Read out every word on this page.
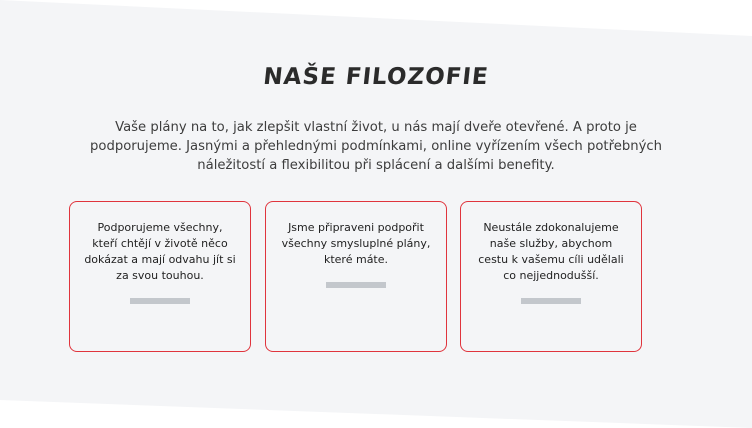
NAŠE FILOZOFIE

Vaše plány na to, jak zlepšit vlastní život, u nás mají dveře otevřené. A proto je podporujeme. Jasnými a přehlednými podmínkami, online vyřízením všech potřebných náležitostí a flexibilitou při splácení a dalšími benefity.

Podporujeme všechny, kteří chtějí v životě něco dokázat a mají odvahu jít si za svou touhou.

Jsme připraveni podpořit všechny smysluplné plány, které máte.

Neustále zdokonalujeme naše služby, abychom cestu k vašemu cíli udělali co nejjednodušší.
